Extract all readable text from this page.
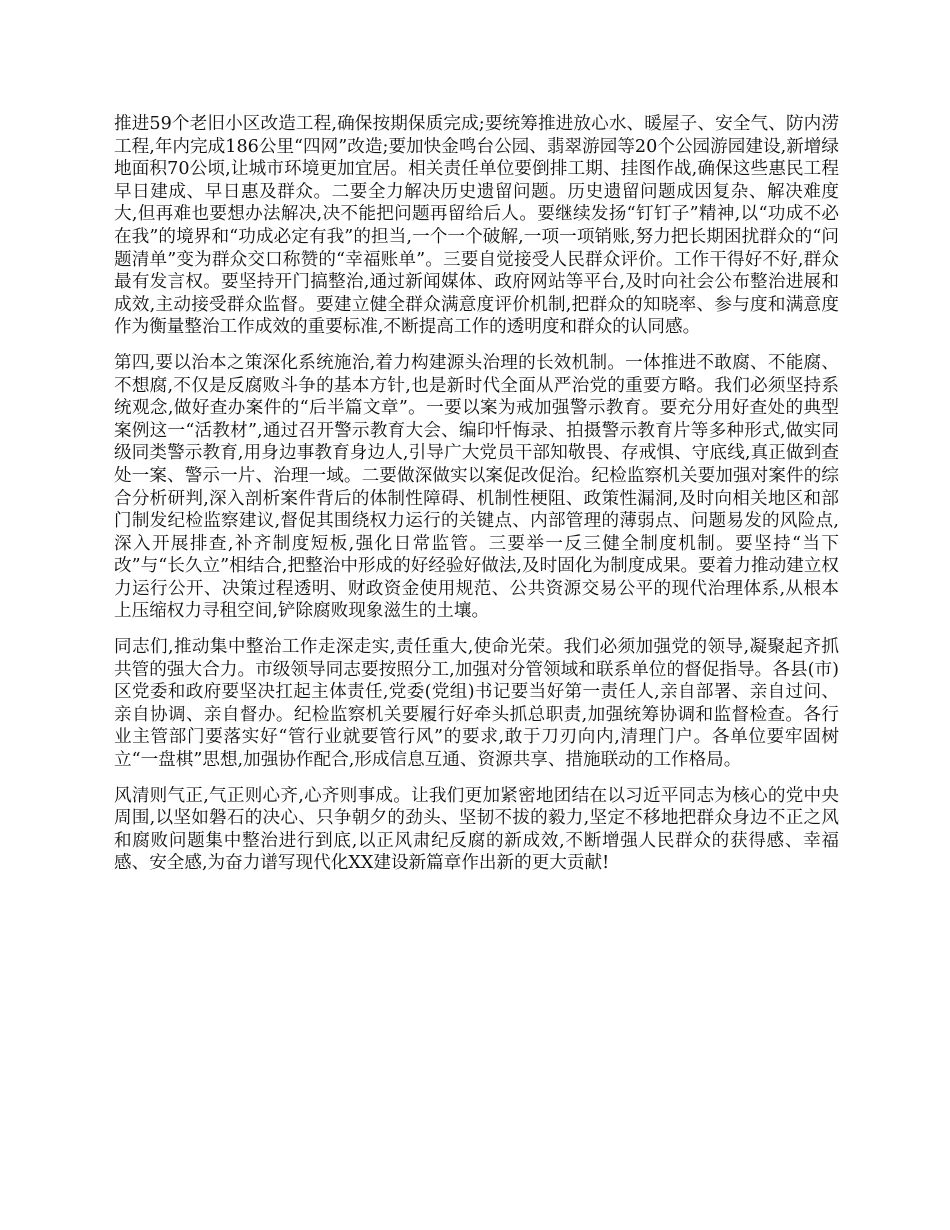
推进59个老旧小区改造工程,确保按期保质完成;要统筹推进放心水、暖屋子、安全气、防内涝工程,年内完成186公里“四网”改造;要加快金鸣台公园、翡翠游园等20个公园游园建设,新增绿地面积70公顷,让城市环境更加宜居。相关责任单位要倒排工期、挂图作战,确保这些惠民工程早日建成、早日惠及群众。二要全力解决历史遗留问题。历史遗留问题成因复杂、解决难度大,但再难也要想办法解决,决不能把问题再留给后人。要继续发扬“钉钉子”精神,以“功成不必在我”的境界和“功成必定有我”的担当,一个一个破解,一项一项销账,努力把长期困扰群众的“问题清单”变为群众交口称赞的“幸福账单”。三要自觉接受人民群众评价。工作干得好不好,群众最有发言权。要坚持开门搞整治,通过新闻媒体、政府网站等平台,及时向社会公布整治进展和成效,主动接受群众监督。要建立健全群众满意度评价机制,把群众的知晓率、参与度和满意度作为衡量整治工作成效的重要标准,不断提高工作的透明度和群众的认同感。

第四,要以治本之策深化系统施治,着力构建源头治理的长效机制。一体推进不敢腐、不能腐、不想腐,不仅是反腐败斗争的基本方针,也是新时代全面从严治党的重要方略。我们必须坚持系统观念,做好查办案件的“后半篇文章”。一要以案为戒加强警示教育。要充分用好查处的典型案例这一“活教材”,通过召开警示教育大会、编印忏悔录、拍摄警示教育片等多种形式,做实同级同类警示教育,用身边事教育身边人,引导广大党员干部知敬畏、存戒惧、守底线,真正做到查处一案、警示一片、治理一域。二要做深做实以案促改促治。纪检监察机关要加强对案件的综合分析研判,深入剖析案件背后的体制性障碍、机制性梗阻、政策性漏洞,及时向相关地区和部门制发纪检监察建议,督促其围绕权力运行的关键点、内部管理的薄弱点、问题易发的风险点,深入开展排查,补齐制度短板,强化日常监管。三要举一反三健全制度机制。要坚持“当下改”与“长久立”相结合,把整治中形成的好经验好做法,及时固化为制度成果。要着力推动建立权力运行公开、决策过程透明、财政资金使用规范、公共资源交易公平的现代治理体系,从根本上压缩权力寻租空间,铲除腐败现象滋生的土壤。

同志们,推动集中整治工作走深走实,责任重大,使命光荣。我们必须加强党的领导,凝聚起齐抓共管的强大合力。市级领导同志要按照分工,加强对分管领域和联系单位的督促指导。各县(市)区党委和政府要坚决扛起主体责任,党委(党组)书记要当好第一责任人,亲自部署、亲自过问、亲自协调、亲自督办。纪检监察机关要履行好牵头抓总职责,加强统筹协调和监督检查。各行业主管部门要落实好“管行业就要管行风”的要求,敢于刀刃向内,清理门户。各单位要牢固树立“一盘棋”思想,加强协作配合,形成信息互通、资源共享、措施联动的工作格局。

风清则气正,气正则心齐,心齐则事成。让我们更加紧密地团结在以习近平同志为核心的党中央周围,以坚如磐石的决心、只争朝夕的劲头、坚韧不拔的毅力,坚定不移地把群众身边不正之风和腐败问题集中整治进行到底,以正风肃纪反腐的新成效,不断增强人民群众的获得感、幸福感、安全感,为奋力谱写现代化XX建设新篇章作出新的更大贡献!
